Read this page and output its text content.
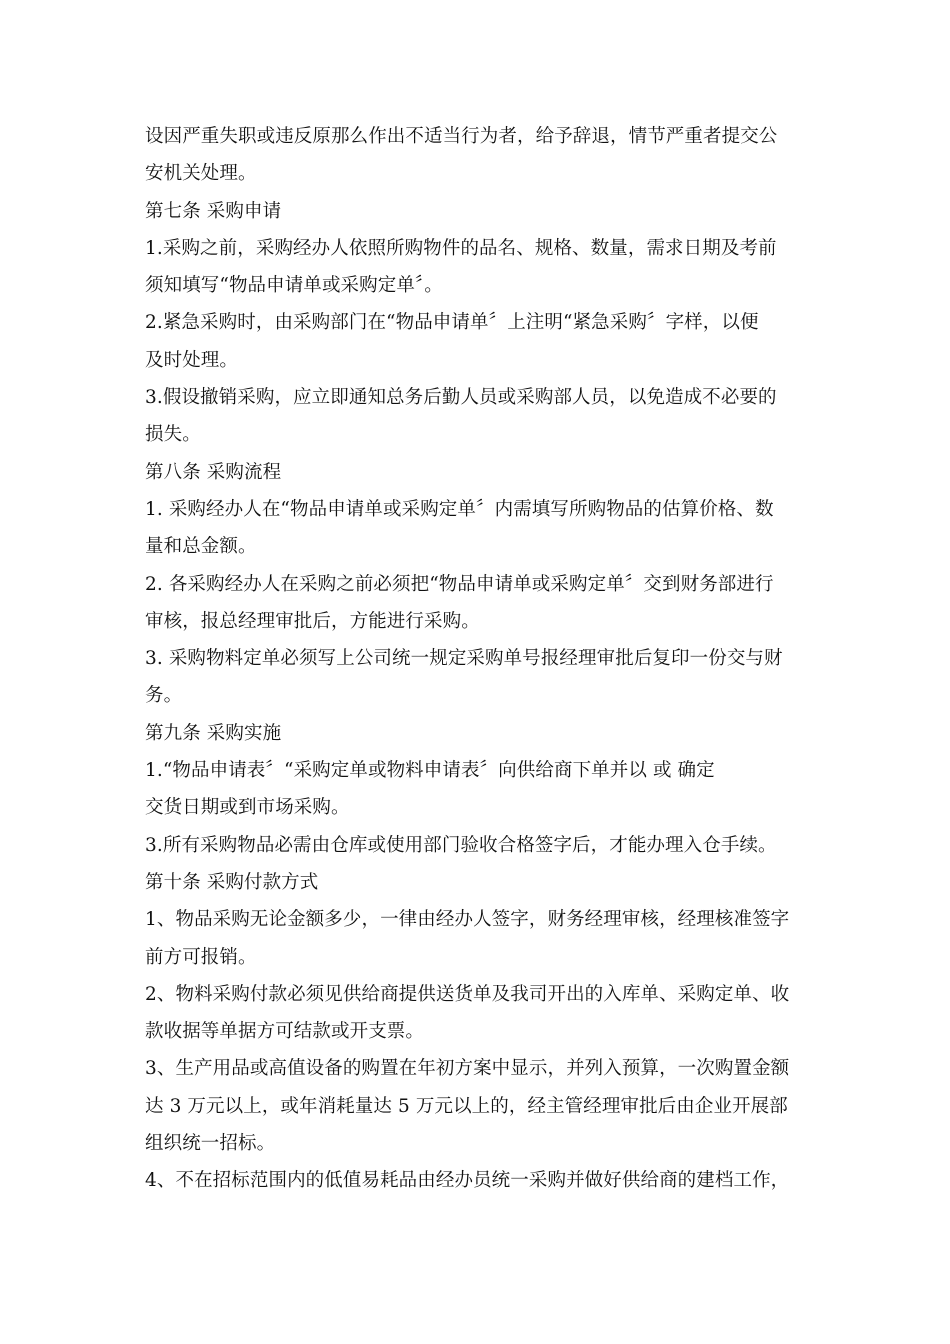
设因严重失职或违反原那么作出不适当行为者，给予辞退，情节严重者提交公
安机关处理。
第七条 采购申请
1.采购之前，采购经办人依照所购物件的品名、规格、数量，需求日期及考前
须知填写“物品申请单或采购定单〞。
2.紧急采购时，由采购部门在“物品申请单〞上注明“紧急采购〞字样，以便
及时处理。
3.假设撤销采购，应立即通知总务后勤人员或采购部人员，以免造成不必要的
损失。
第八条 采购流程
1. 采购经办人在“物品申请单或采购定单〞内需填写所购物品的估算价格、数
量和总金额。
2. 各采购经办人在采购之前必须把“物品申请单或采购定单〞交到财务部进行
审核，报总经理审批后，方能进行采购。
3. 采购物料定单必须写上公司统一规定采购单号报经理审批后复印一份交与财
务。
第九条 采购实施
1.“物品申请表〞“采购定单或物料申请表〞向供给商下单并以 或 确定
交货日期或到市场采购。
3.所有采购物品必需由仓库或使用部门验收合格签字后，才能办理入仓手续。
第十条 采购付款方式
1、物品采购无论金额多少，一律由经办人签字，财务经理审核，经理核准签字
前方可报销。
2、物料采购付款必须见供给商提供送货单及我司开出的入库单、采购定单、收
款收据等单据方可结款或开支票。
3、生产用品或高值设备的购置在年初方案中显示，并列入预算，一次购置金额
达 3 万元以上，或年消耗量达 5 万元以上的，经主管经理审批后由企业开展部
组织统一招标。
4、不在招标范围内的低值易耗品由经办员统一采购并做好供给商的建档工作，
